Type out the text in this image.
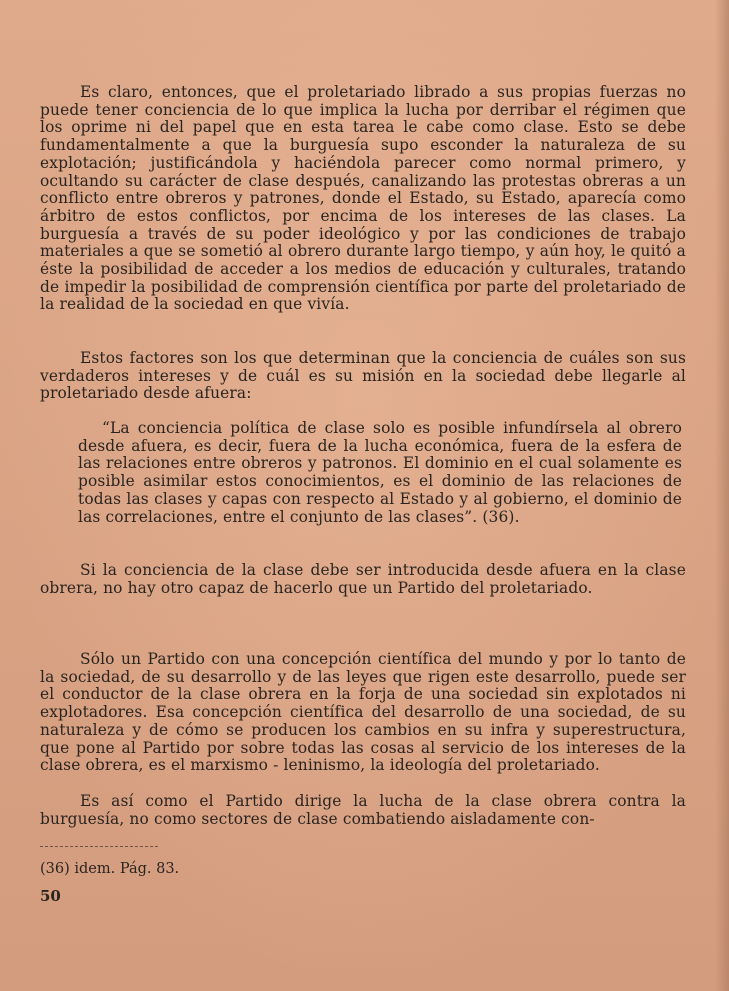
Es claro, entonces, que el proletariado librado a sus propias fuerzas no puede tener conciencia de lo que implica la lucha por derribar el régimen que los oprime ni del papel que en esta tarea le cabe como clase. Esto se debe fundamentalmente a que la burguesía supo esconder la naturaleza de su explotación; justificándola y haciéndola parecer como normal primero, y ocultando su carácter de clase después, canalizando las protestas obreras a un conflicto entre obreros y patrones, donde el Estado, su Estado, aparecía como árbitro de estos conflictos, por encima de los intereses de las clases. La burguesía a través de su poder ideológico y por las condiciones de trabajo materiales a que se sometió al obrero durante largo tiempo, y aún hoy, le quitó a éste la posibilidad de acceder a los medios de educación y culturales, tratando de impedir la posibilidad de comprensión científica por parte del proletariado de la realidad de la sociedad en que vivía.

Estos factores son los que determinan que la conciencia de cuáles son sus verdaderos intereses y de cuál es su misión en la sociedad debe llegarle al proletariado desde afuera:

“La conciencia política de clase solo es posible infundírsela al obrero desde afuera, es decir, fuera de la lucha económica, fuera de la esfera de las relaciones entre obreros y patronos. El dominio en el cual solamente es posible asimilar estos conocimientos, es el dominio de las relaciones de todas las clases y capas con respecto al Estado y al gobierno, el dominio de las correlaciones, entre el conjunto de las clases”. (36).

Si la conciencia de la clase debe ser introducida desde afuera en la clase obrera, no hay otro capaz de hacerlo que un Partido del proletariado.

Sólo un Partido con una concepción científica del mundo y por lo tanto de la sociedad, de su desarrollo y de las leyes que rigen este desarrollo, puede ser el conductor de la clase obrera en la forja de una sociedad sin explotados ni explotadores. Esa concepción científica del desarrollo de una sociedad, de su naturaleza y de cómo se producen los cambios en su infra y superestructura, que pone al Partido por sobre todas las cosas al servicio de los intereses de la clase obrera, es el marxismo - leninismo, la ideología del proletariado.

Es así como el Partido dirige la lucha de la clase obrera contra la burguesía, no como sectores de clase combatiendo aisladamente con-

(36) idem. Pág. 83.
50
